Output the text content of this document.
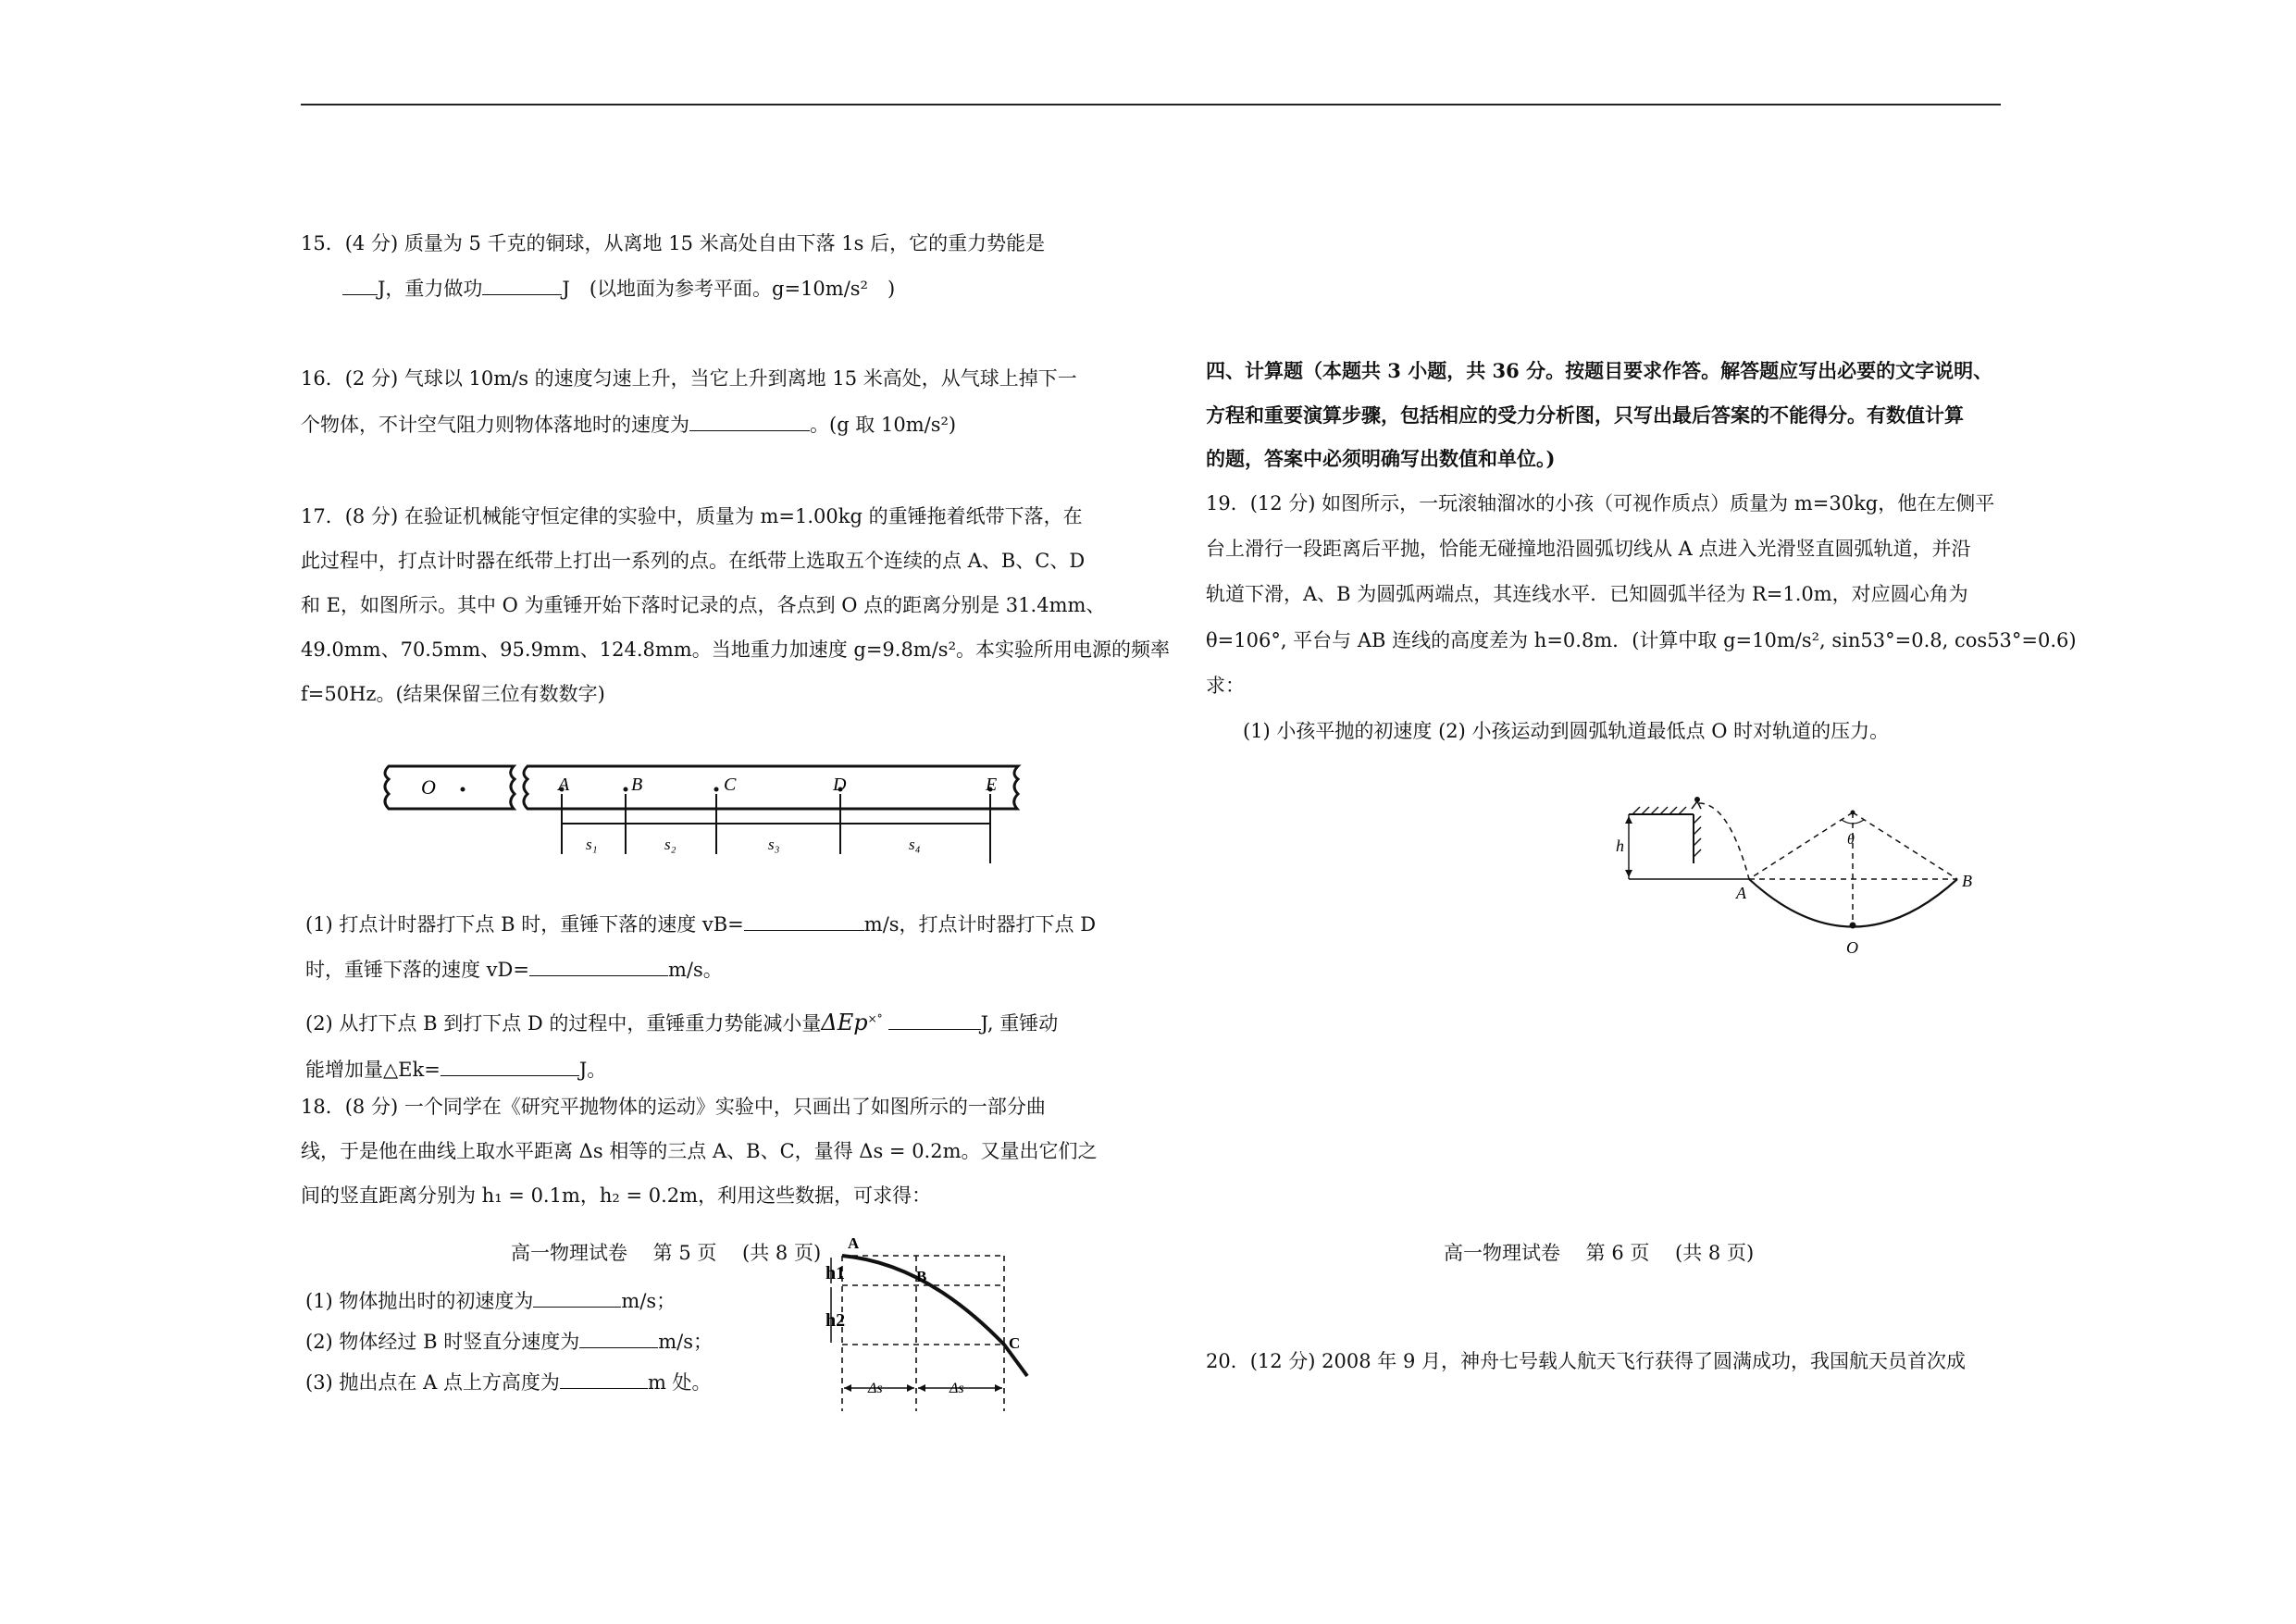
15．(4 分) 质量为 5 千克的铜球，从离地 15 米高处自由下落 1s 后，它的重力势能是
J，重力做功	J　(以地面为参考平面。g=10m/s²　)
16．(2 分) 气球以 10m/s 的速度匀速上升，当它上升到离地 15 米高处，从气球上掉下一
个物体，不计空气阻力则物体落地时的速度为	。(g 取 10m/s²)
17．(8 分) 在验证机械能守恒定律的实验中，质量为 m=1.00kg 的重锤拖着纸带下落，在
此过程中，打点计时器在纸带上打出一系列的点。在纸带上选取五个连续的点 A、B、C、D
和 E，如图所示。其中 O 为重锤开始下落时记录的点，各点到 O 点的距离分别是 31.4mm、
49.0mm、70.5mm、95.9mm、124.8mm。当地重力加速度 g=9.8m/s²。本实验所用电源的频率
f=50Hz。(结果保留三位有数数字)
O	A	B	C	D	E
s₁	s₂	s₃	s₄
(1) 打点计时器打下点 B 时，重锤下落的速度 vB=	m/s，打点计时器打下点 D
时，重锤下落的速度 vD=	m/s。
(2) 从打下点 B 到打下点 D 的过程中，重锤重力势能减小量ΔEp×°	J, 重锤动
能增加量△Ek=	J。
18．(8 分) 一个同学在《研究平抛物体的运动》实验中，只画出了如图所示的一部分曲
线，于是他在曲线上取水平距离 Δs 相等的三点 A、B、C，量得 Δs = 0.2m。又量出它们之
间的竖直距离分别为 h₁ = 0.1m，h₂ = 0.2m，利用这些数据，可求得：
高一物理试卷　 第 5 页　 (共 8 页)
(1) 物体抛出时的初速度为	m/s；
(2) 物体经过 B 时竖直分速度为	m/s；
(3) 抛出点在 A 点上方高度为	m 处。
h1
h2
Δs	Δs
A
B
C
四、计算题（本题共 3 小题，共 36 分。按题目要求作答。解答题应写出必要的文字说明、
方程和重要演算步骤，包括相应的受力分析图，只写出最后答案的不能得分。有数值计算
的题，答案中必须明确写出数值和单位。)
19．(12 分) 如图所示，一玩滚轴溜冰的小孩（可视作质点）质量为 m=30kg，他在左侧平
台上滑行一段距离后平抛，恰能无碰撞地沿圆弧切线从 A 点进入光滑竖直圆弧轨道，并沿
轨道下滑，A、B 为圆弧两端点，其连线水平．已知圆弧半径为 R=1.0m，对应圆心角为
θ=106°, 平台与 AB 连线的高度差为 h=0.8m．(计算中取 g=10m/s², sin53°=0.8, cos53°=0.6)
求：
(1) 小孩平抛的初速度 (2) 小孩运动到圆弧轨道最低点 O 时对轨道的压力。
h	θ
A
B
O
高一物理试卷　 第 6 页　 (共 8 页)
20．(12 分) 2008 年 9 月，神舟七号载人航天飞行获得了圆满成功，我国航天员首次成
